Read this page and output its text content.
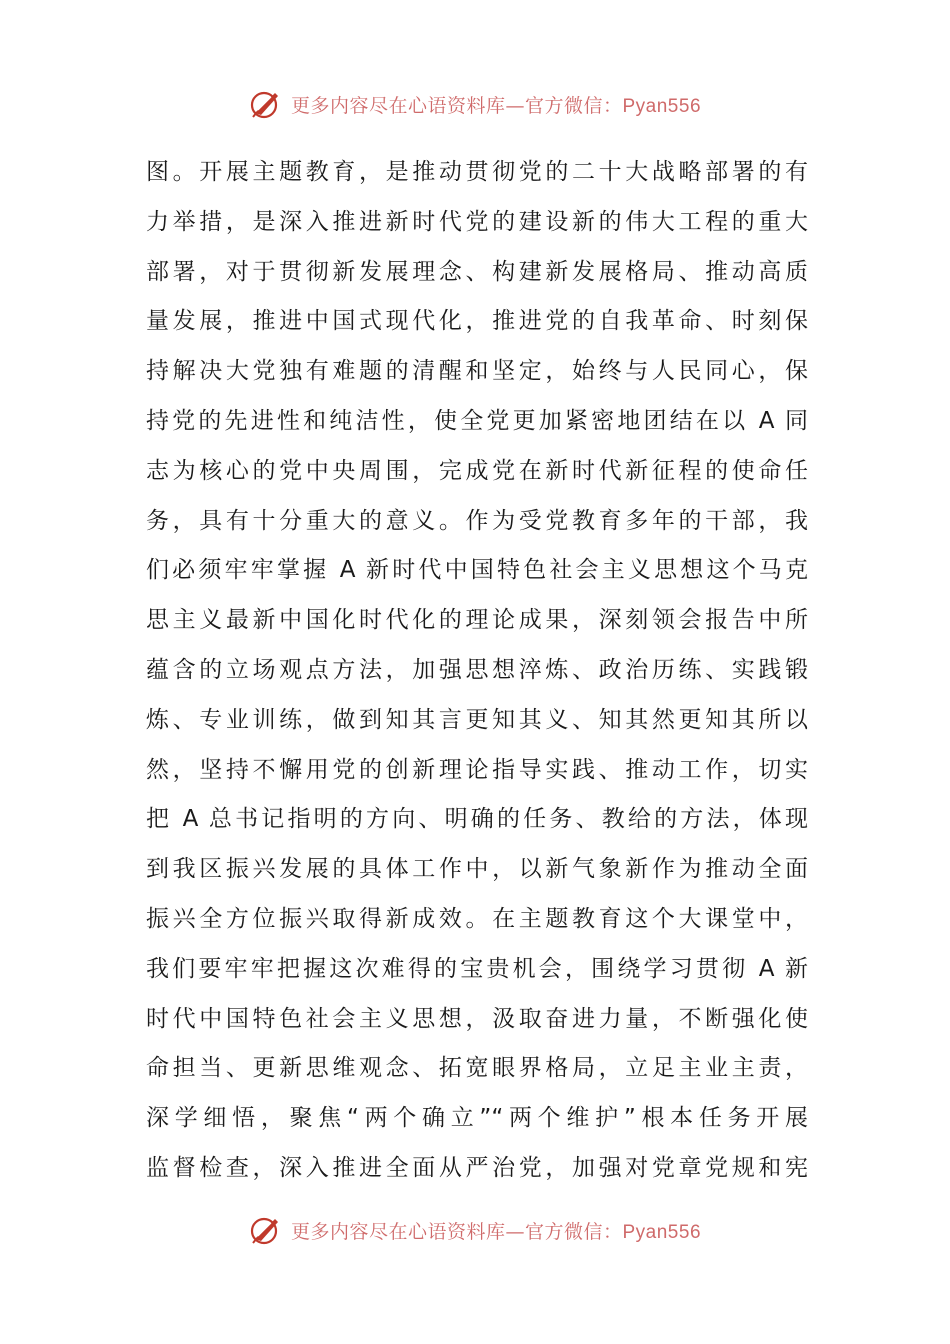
更多内容尽在心语资料库—官方微信：Pyan556
图。开展主题教育，是推动贯彻党的二十大战略部署的有
力举措，是深入推进新时代党的建设新的伟大工程的重大
部署，对于贯彻新发展理念、构建新发展格局、推动高质
量发展，推进中国式现代化，推进党的自我革命、时刻保
持解决大党独有难题的清醒和坚定，始终与人民同心，保
持党的先进性和纯洁性，使全党更加紧密地团结在以 A 同
志为核心的党中央周围，完成党在新时代新征程的使命任
务，具有十分重大的意义。作为受党教育多年的干部，我
们必须牢牢掌握 A 新时代中国特色社会主义思想这个马克
思主义最新中国化时代化的理论成果，深刻领会报告中所
蕴含的立场观点方法，加强思想淬炼、政治历练、实践锻
炼、专业训练，做到知其言更知其义、知其然更知其所以
然，坚持不懈用党的创新理论指导实践、推动工作，切实
把 A 总书记指明的方向、明确的任务、教给的方法，体现
到我区振兴发展的具体工作中，以新气象新作为推动全面
振兴全方位振兴取得新成效。在主题教育这个大课堂中，
我们要牢牢把握这次难得的宝贵机会，围绕学习贯彻 A 新
时代中国特色社会主义思想，汲取奋进力量，不断强化使
命担当、更新思维观念、拓宽眼界格局，立足主业主责，
深学细悟，聚焦“两个确立”“两个维护”根本任务开展
监督检查，深入推进全面从严治党，加强对党章党规和宪
更多内容尽在心语资料库—官方微信：Pyan556
